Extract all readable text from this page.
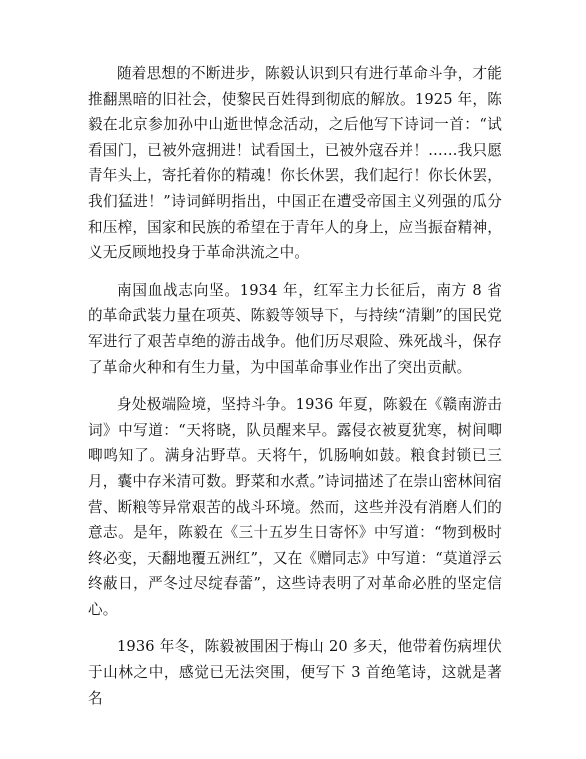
随着思想的不断进步，陈毅认识到只有进行革命斗争，才能推翻黑暗的旧社会，使黎民百姓得到彻底的解放。1925 年，陈毅在北京参加孙中山逝世悼念活动，之后他写下诗词一首：“试看国门，已被外寇拥进！试看国土，已被外寇吞并！……我只愿青年头上，寄托着你的精魂！你长休罢，我们起行！你长休罢，我们猛进！”诗词鲜明指出，中国正在遭受帝国主义列强的瓜分和压榨，国家和民族的希望在于青年人的身上，应当振奋精神，义无反顾地投身于革命洪流之中。

南国血战志向坚。1934 年，红军主力长征后，南方 8 省的革命武装力量在项英、陈毅等领导下，与持续“清剿”的国民党军进行了艰苦卓绝的游击战争。他们历尽艰险、殊死战斗，保存了革命火种和有生力量，为中国革命事业作出了突出贡献。

身处极端险境，坚持斗争。1936 年夏，陈毅在《赣南游击词》中写道：“天将晓，队员醒来早。露侵衣被夏犹寒，树间唧唧鸣知了。满身沾野草。天将午，饥肠响如鼓。粮食封锁已三月，囊中存米清可数。野菜和水煮。”诗词描述了在崇山密林间宿营、断粮等异常艰苦的战斗环境。然而，这些并没有消磨人们的意志。是年，陈毅在《三十五岁生日寄怀》中写道：“物到极时终必变，天翻地覆五洲红”，又在《赠同志》中写道：“莫道浮云终蔽日，严冬过尽绽春蕾”，这些诗表明了对革命必胜的坚定信心。

1936 年冬，陈毅被围困于梅山 20 多天，他带着伤病埋伏于山林之中，感觉已无法突围，便写下 3 首绝笔诗，这就是著名
